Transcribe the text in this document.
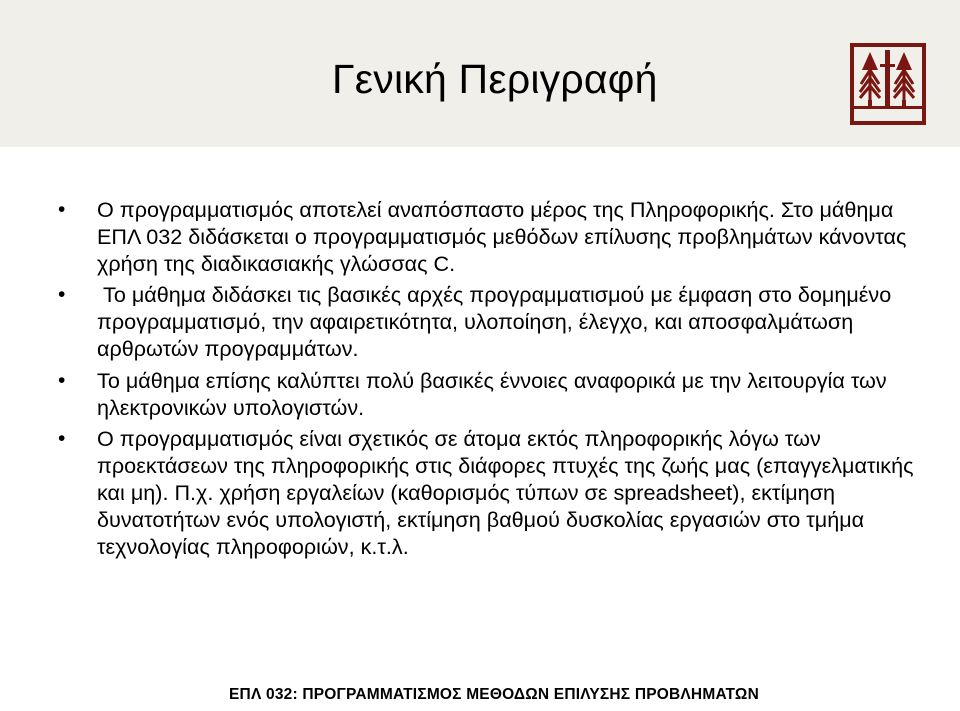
Γενική Περιγραφή
• Ο προγραμματισμός αποτελεί αναπόσπαστο μέρος της Πληροφορικής. Στο μάθημα ΕΠΛ 032 διδάσκεται ο προγραμματισμός μεθόδων επίλυσης προβλημάτων κάνοντας χρήση της διαδικασιακής γλώσσας C.
• Το μάθημα διδάσκει τις βασικές αρχές προγραμματισμού με έμφαση στο δομημένο προγραμματισμό, την αφαιρετικότητα, υλοποίηση, έλεγχο, και αποσφαλμάτωση αρθρωτών προγραμμάτων.
• Το μάθημα επίσης καλύπτει πολύ βασικές έννοιες αναφορικά με την λειτουργία των ηλεκτρονικών υπολογιστών.
• Ο προγραμματισμός είναι σχετικός σε άτομα εκτός πληροφορικής λόγω των προεκτάσεων της πληροφορικής στις διάφορες πτυχές της ζωής μας (επαγγελματικής και μη). Π.χ. χρήση εργαλείων (καθορισμός τύπων σε spreadsheet), εκτίμηση δυνατοτήτων ενός υπολογιστή, εκτίμηση βαθμού δυσκολίας εργασιών στο τμήμα τεχνολογίας πληροφοριών, κ.τ.λ.
ΕΠΛ 032: ΠΡΟΓΡΑΜΜΑΤΙΣΜΟΣ ΜΕΘΟΔΩΝ ΕΠΙΛΥΣΗΣ ΠΡΟΒΛΗΜΑΤΩΝ
